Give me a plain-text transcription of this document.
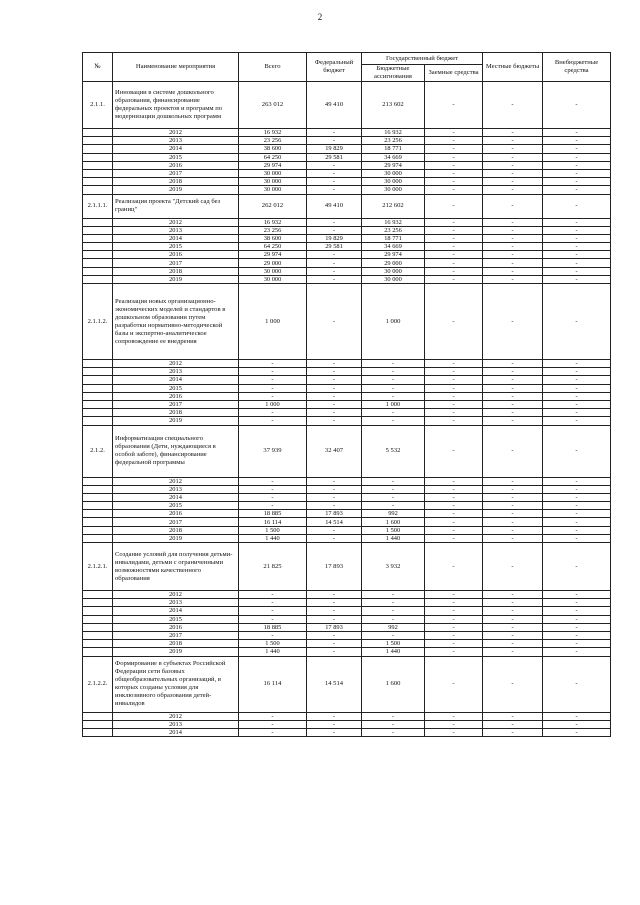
2
№	Наименование мероприятия	Всего	Федеральный бюджет	Государственный бюджет		Местные бюджеты	Внебюджетные средства
				Бюджетные ассигнования	Заемные средства		
2.1.1.	Инновации в системе дошкольного образования, финансирование федеральных проектов и программ по модернизации дошкольных программ	263 012	49 410	213 602	-	-	-
	2012	16 932	-	16 932	-	-	-
	2013	23 256	-	23 256	-	-	-
	2014	38 600	19 829	18 771	-	-	-
	2015	64 250	29 581	34 669	-	-	-
	2016	29 974	-	29 974	-	-	-
	2017	30 000	-	30 000	-	-	-
	2018	30 000	-	30 000	-	-	-
	2019	30 000	-	30 000	-	-	-
2.1.1.1.	Реализация проекта "Детский сад без границ"	262 012	49 410	212 602	-	-	-
	2012	16 932	-	16 932	-	-	-
	2013	23 256	-	23 256	-	-	-
	2014	38 600	19 829	18 771	-	-	-
	2015	64 250	29 581	34 669	-	-	-
	2016	29 974	-	29 974	-	-	-
	2017	29 000	-	29 000	-	-	-
	2018	30 000	-	30 000	-	-	-
	2019	30 000	-	30 000	-	-	-
2.1.1.2.	Реализация новых организационно-экономических моделей и стандартов в дошкольном образовании путем разработки нормативно-методической базы и экспертно-аналитическое сопровождение ее внедрения	1 000	-	1 000	-	-	-
	2012	-	-	-	-	-	-
	2013	-	-	-	-	-	-
	2014	-	-	-	-	-	-
	2015	-	-	-	-	-	-
	2016	-	-	-	-	-	-
	2017	1 000	-	1 000	-	-	-
	2018	-	-	-	-	-	-
	2019	-	-	-	-	-	-
2.1.2.	Информатизация специального образования (Дети, нуждающиеся в особой заботе), финансирование федеральной программы	37 939	32 407	5 532	-	-	-
	2012	-	-	-	-	-	-
	2013	-	-	-	-	-	-
	2014	-	-	-	-	-	-
	2015	-	-	-	-	-	-
	2016	18 885	17 893	992	-	-	-
	2017	16 114	14 514	1 600	-	-	-
	2018	1 500	-	1 500	-	-	-
	2019	1 440	-	1 440	-	-	-
2.1.2.1.	Создание условий для получения детьми-инвалидами, детьми с ограниченными возможностями качественного образования	21 825	17 893	3 932	-	-	-
	2012	-	-	-	-	-	-
	2013	-	-	-	-	-	-
	2014	-	-	-	-	-	-
	2015	-	-	-	-	-	-
	2016	18 885	17 893	992	-	-	-
	2017	-	-	-	-	-	-
	2018	1 500	-	1 500	-	-	-
	2019	1 440	-	1 440	-	-	-
2.1.2.2.	Формирование в субъектах Российской Федерации сети базовых общеобразовательных организаций, в которых созданы условия для инклюзивного образования детей-инвалидов	16 114	14 514	1 600	-	-	-
	2012	-	-	-	-	-	-
	2013	-	-	-	-	-	-
	2014	-	-	-	-	-	-
